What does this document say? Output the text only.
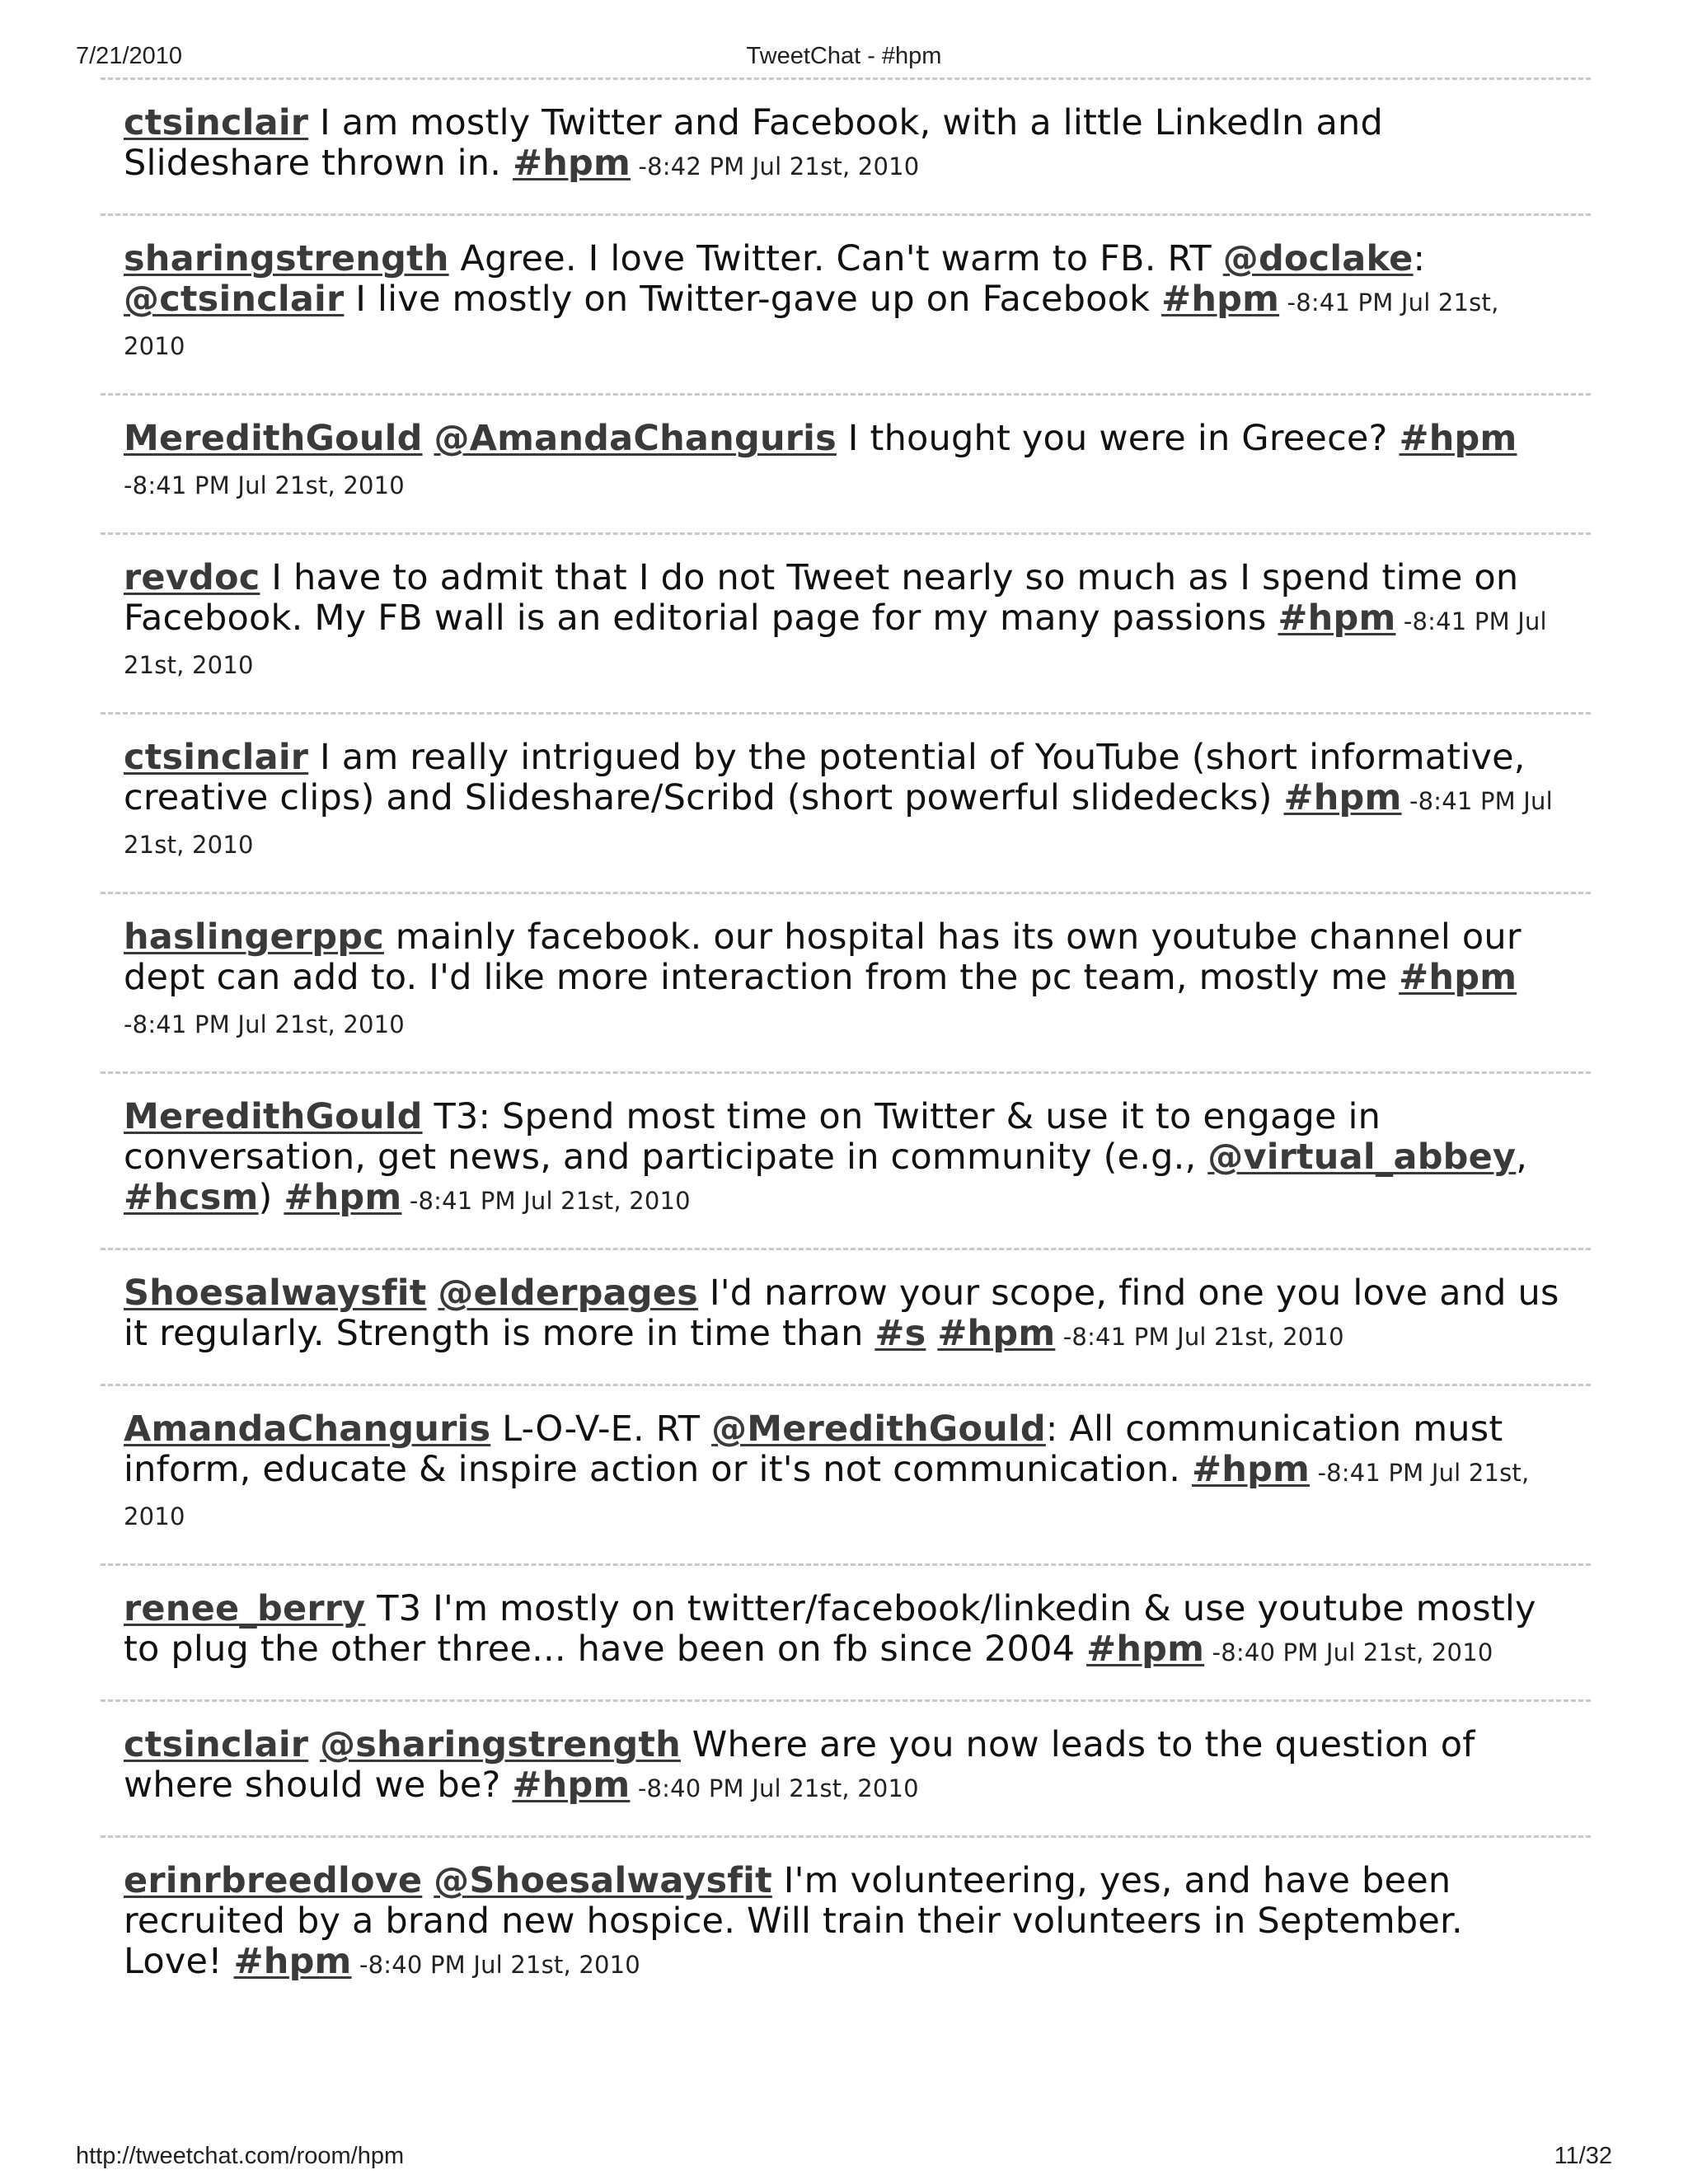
7/21/2010	TweetChat - #hpm
ctsinclair I am mostly Twitter and Facebook, with a little LinkedIn and Slideshare thrown in. #hpm -8:42 PM Jul 21st, 2010
sharingstrength Agree. I love Twitter. Can't warm to FB. RT @doclake: @ctsinclair I live mostly on Twitter-gave up on Facebook #hpm -8:41 PM Jul 21st, 2010
MeredithGould @AmandaChanguris I thought you were in Greece? #hpm -8:41 PM Jul 21st, 2010
revdoc I have to admit that I do not Tweet nearly so much as I spend time on Facebook. My FB wall is an editorial page for my many passions #hpm -8:41 PM Jul 21st, 2010
ctsinclair I am really intrigued by the potential of YouTube (short informative, creative clips) and Slideshare/Scribd (short powerful slidedecks) #hpm -8:41 PM Jul 21st, 2010
haslingerppc mainly facebook. our hospital has its own youtube channel our dept can add to. I'd like more interaction from the pc team, mostly me #hpm -8:41 PM Jul 21st, 2010
MeredithGould T3: Spend most time on Twitter & use it to engage in conversation, get news, and participate in community (e.g., @virtual_abbey, #hcsm) #hpm -8:41 PM Jul 21st, 2010
Shoesalwaysfit @elderpages I'd narrow your scope, find one you love and us it regularly. Strength is more in time than #s #hpm -8:41 PM Jul 21st, 2010
AmandaChanguris L-O-V-E. RT @MeredithGould: All communication must inform, educate & inspire action or it's not communication. #hpm -8:41 PM Jul 21st, 2010
renee_berry T3 I'm mostly on twitter/facebook/linkedin & use youtube mostly to plug the other three... have been on fb since 2004 #hpm -8:40 PM Jul 21st, 2010
ctsinclair @sharingstrength Where are you now leads to the question of where should we be? #hpm -8:40 PM Jul 21st, 2010
erinrbreedlove @Shoesalwaysfit I'm volunteering, yes, and have been recruited by a brand new hospice. Will train their volunteers in September. Love! #hpm -8:40 PM Jul 21st, 2010
http://tweetchat.com/room/hpm	11/32
